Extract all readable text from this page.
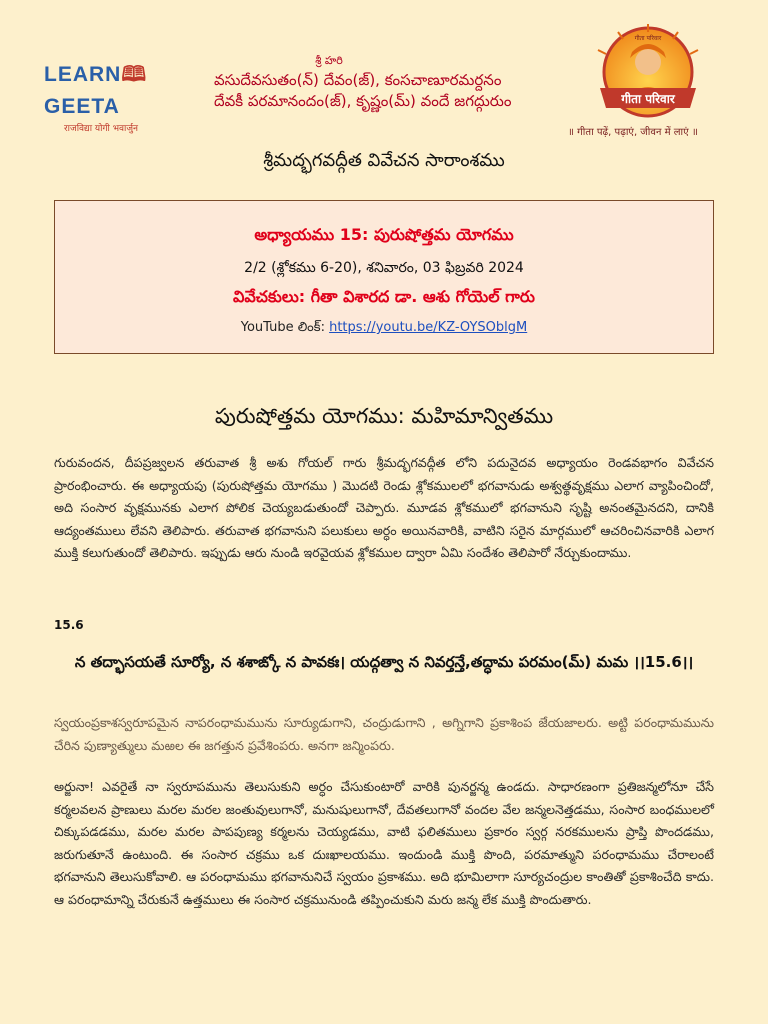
LEARN🕮GEETA
राजविद्या योगी भवार्जुन
శ్రీ హరి
వసుదేవసుతం(న్) దేవం(జ్), కంసచాణూరమర్దనం
దేవకీ పరమానందం(జ్), కృష్ణం(మ్) వందే జగద్గురుం	गीता परिवार
गीता परिवार
॥ गीता पढ़ें, पढ़ाएं, जीवन में लाएं ॥
శ్రీమద్భగవద్గీత వివేచన సారాంశము
అధ్యాయము 15: పురుషోత్తమ యోగము
2/2 (శ్లోకము 6-20), శనివారం, 03 ఫిబ్రవరి 2024
వివేచకులు: గీతా విశారద డా. ఆశు గోయెల్ గారు
YouTube లింక్: https://youtu.be/KZ-OYSOblgM
పురుషోత్తమ యోగము: మహిమాన్వితము
గురువందన, దీపప్రజ్వలన తరువాత శ్రీ అశు గోయల్ గారు శ్రీమద్భగవద్గీత లోని పదునైదవ అధ్యాయం రెండవభాగం వివేచన ప్రారంభించారు. ఈ అధ్యాయపు (పురుషోత్తమ యోగము ) మొదటి రెండు శ్లోకములలో భగవానుడు అశ్వత్థవృక్షము ఎలాగ వ్యాపించిందో, అది సంసార వృక్షమునకు ఎలాగ పోలిక చెయ్యబడుతుందో చెప్పారు. మూడవ శ్లోకములో భగవానుని సృష్టి అనంతమైనదని, దానికి ఆద్యంతములు లేవని తెలిపారు. తరువాత భగవానుని పలుకులు అర్ధం అయినవారికి, వాటిని సరైన మార్గములో ఆచరించినవారికి ఎలాగ ముక్తి కలుగుతుందో తెలిపారు. ఇప్పుడు ఆరు నుండి ఇరవైయవ శ్లోకముల ద్వారా ఏమి సందేశం తెలిపారో నేర్చుకుందాము.
15.6
న తద్భాసయతే సూర్యో, న శశాఙ్కో న పావకః। యద్గత్వా న నివర్తన్తే,తద్ధామ పరమం(మ్) మమ ।।15.6।।
స్వయంప్రకాశస్వరూపమైన నాపరంధామమును సూర్యుడుగాని, చంద్రుడుగాని , అగ్నిగాని ప్రకాశింప జేయజాలరు. అట్టి పరంధామమును చేరిన పుణ్యాత్ములు మఱల ఈ జగత్తున ప్రవేశింపరు. అనగా జన్మింపరు.
అర్జునా! ఎవరైతే నా స్వరూపమును తెలుసుకుని అర్ధం చేసుకుంటారో వారికి పునర్జన్మ ఉండదు. సాధారణంగా ప్రతిజన్మలోనూ చేసే కర్మలవలన ప్రాణులు మరల మరల జంతువులుగానో, మనుషులుగానో, దేవతలుగానో వందల వేల జన్మలనెత్తడము, సంసార బంధములలో చిక్కుపడడము, మరల మరల పాపపుణ్య కర్మలను చెయ్యడము, వాటి ఫలితములు ప్రకారం స్వర్గ నరకములను ప్రాప్తి పొందడము, జరుగుతూనే ఉంటుంది. ఈ సంసార చక్రము ఒక దుఃఖాలయము. ఇందుండి ముక్తి పొంది, పరమాత్ముని పరంధామము చేరాలంటే భగవానుని తెలుసుకోవాలి. ఆ పరంధామము భగవానునిచే స్వయం ప్రకాశము. అది భూమిలాగా సూర్యచంద్రుల కాంతితో ప్రకాశించేది కాదు. ఆ పరంధామాన్ని చేరుకునే ఉత్తములు ఈ సంసార చక్రమునుండి తప్పించుకుని మరు జన్మ లేక ముక్తి పొందుతారు.
